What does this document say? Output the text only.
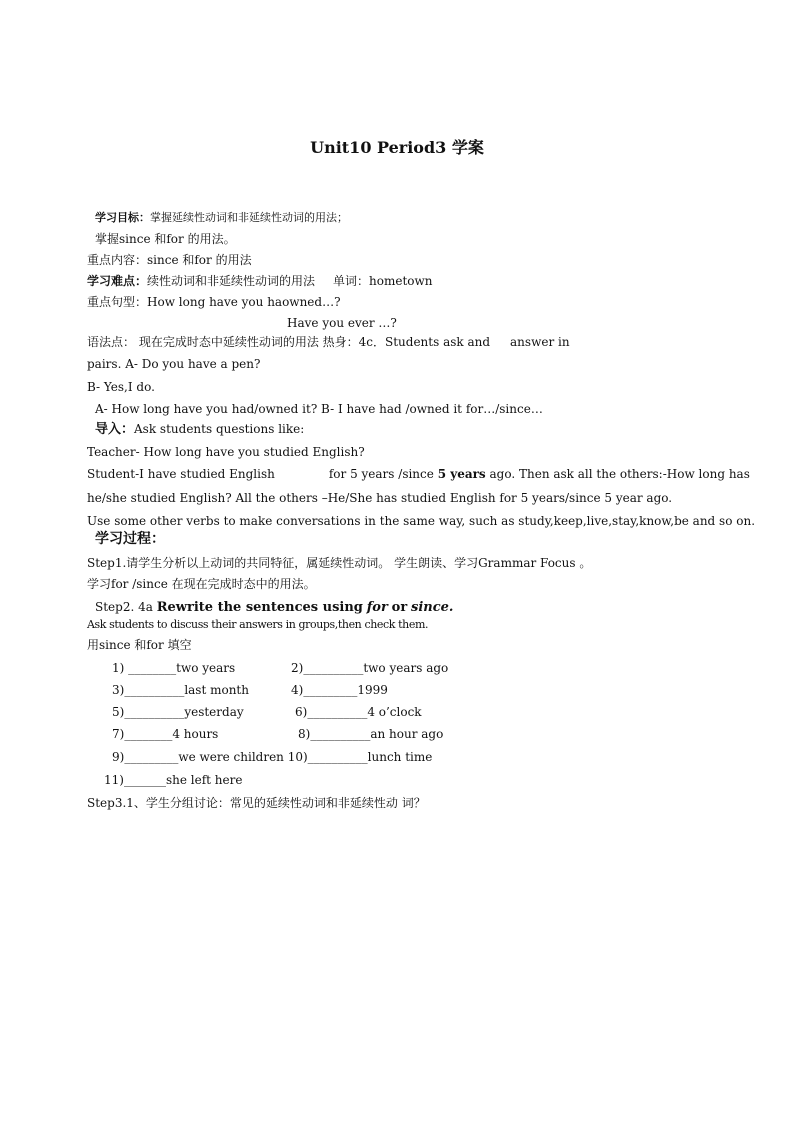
Unit10 Period3 学案
学习目标：掌握延续性动词和非延续性动词的用法；
掌握since 和for 的用法。
重点内容：since 和for 的用法
学习难点：续性动词和非延续性动词的用法 单词：hometown
重点句型：How long have you haowned…?
Have you ever …?
语法点： 现在完成时态中延续性动词的用法 热身：4c．Students ask and answer in
pairs. A- Do you have a pen?
B- Yes,I do.
A- How long have you had/owned it? B- I have had /owned it for…/since…
导入：Ask students questions like:
Teacher- How long have you studied English?
Student-I have studied English	for 5 years /since 5 years ago. Then ask all the others:-How long has
he/she studied English? All the others –He/She has studied English for 5 years/since 5 year ago.
Use some other verbs to make conversations in the same way, such as study,keep,live,stay,know,be and so on.
学习过程：
Step1.请学生分析以上动词的共同特征，属延续性动词。 学生朗读、学习Grammar Focus 。
学习for /since 在现在完成时态中的用法。
Step2. 4a Rewrite the sentences using for or since.
Ask students to discuss their answers in groups,then check them.
用since 和for 填空
1) ________two years	2)__________two years ago
3)__________last month	4)_________1999
5)__________yesterday	6)__________4 o’clock
7)________4 hours	8)__________an hour ago
9)_________we were children 10)__________lunch time
11)_______she left here
Step3.1、学生分组讨论：常见的延续性动词和非延续性动 词？
